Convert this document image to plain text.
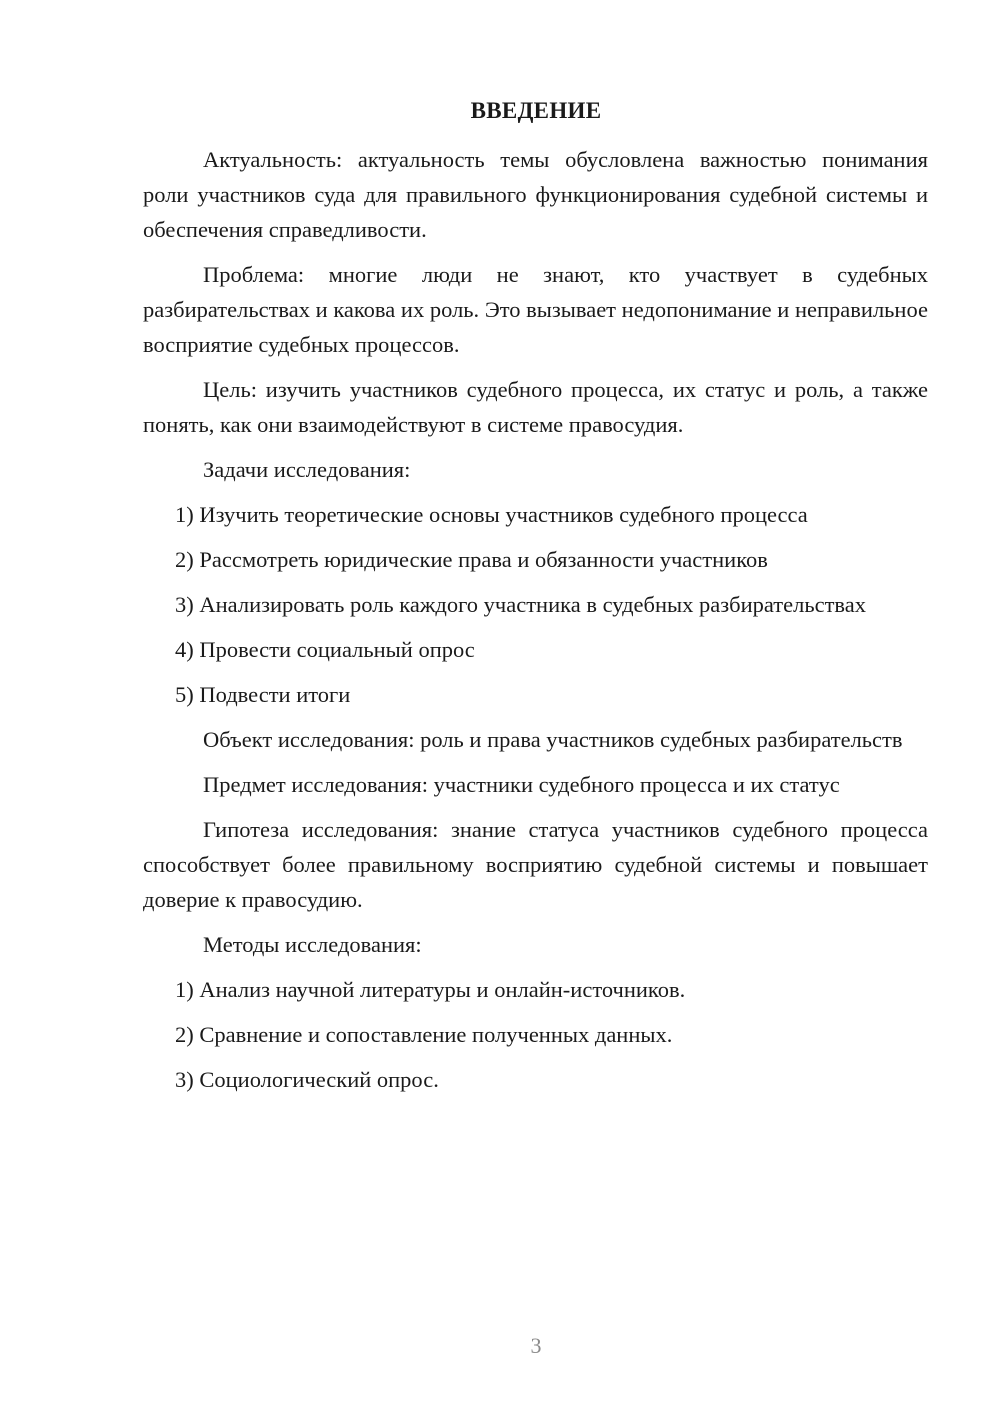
ВВЕДЕНИЕ

Актуальность: актуальность темы обусловлена важностью понимания роли участников суда для правильного функционирования судебной системы и обеспечения справедливости.

Проблема: многие люди не знают, кто участвует в судебных разбирательствах и какова их роль. Это вызывает недопонимание и неправильное восприятие судебных процессов.

Цель: изучить участников судебного процесса, их статус и роль, а также понять, как они взаимодействуют в системе правосудия.

Задачи исследования:

1) Изучить теоретические основы участников судебного процесса

2) Рассмотреть юридические права и обязанности участников

3) Анализировать роль каждого участника в судебных разбирательствах

4) Провести социальный опрос

5) Подвести итоги

Объект исследования: роль и права участников судебных разбирательств

Предмет исследования: участники судебного процесса и их статус

Гипотеза исследования: знание статуса участников судебного процесса способствует более правильному восприятию судебной системы и повышает доверие к правосудию.

Методы исследования:

1) Анализ научной литературы и онлайн-источников.

2) Сравнение и сопоставление полученных данных.

3) Социологический опрос.

3
